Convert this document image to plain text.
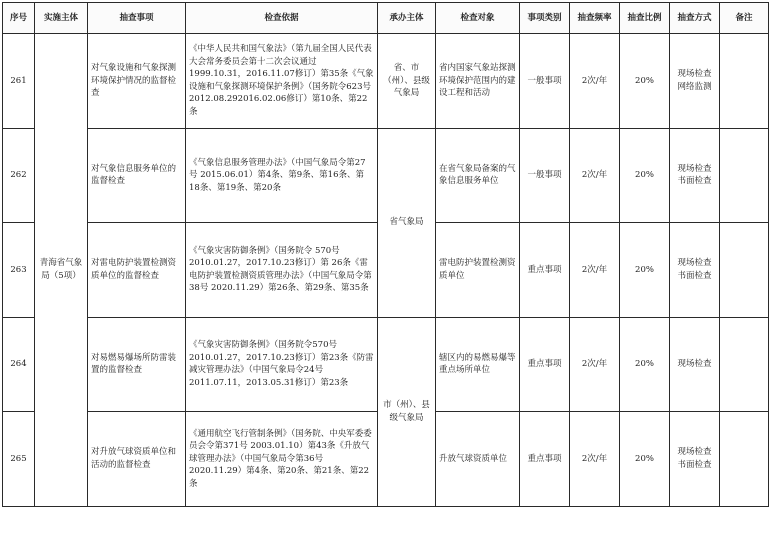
序号	实施主体	抽查事项	检查依据	承办主体	检查对象	事项类别	抽查频率	抽查比例	抽查方式	备注
261	青海省气象局（5项）	对气象设施和气象探测环境保护情况的监督检查	《中华人民共和国气象法》（第九届全国人民代表大会常务委员会第十二次会议通过 1999.10.31，2016.11.07修订）第35条《气象设施和气象探测环境保护条例》（国务院令623号 2012.08.292016.02.06修订）第10条、第22条	省、市（州）、县级气象局	省内国家气象站探测环境保护范围内的建设工程和活动	一般事项	2次/年	20%	现场检查 网络监测	
262		对气象信息服务单位的监督检查	《气象信息服务管理办法》（中国气象局令第27号 2015.06.01）第4条、第9条、第16条、第18条、第19条、第20条	省气象局	在省气象局备案的气象信息服务单位	一般事项	2次/年	20%	现场检查 书面检查	
263		对雷电防护装置检测资质单位的监督检查	《气象灾害防御条例》（国务院令 570号 2010.01.27，2017.10.23修订）第 26条《雷电防护装置检测资质管理办法》（中国气象局令第38号 2020.11.29）第26条、第29条、第35条		雷电防护装置检测资质单位	重点事项	2次/年	20%	现场检查 书面检查	
264		对易燃易爆场所防雷装置的监督检查	《气象灾害防御条例》（国务院令570号 2010.01.27，2017.10.23修订）第23条《防雷减灾管理办法》（中国气象局令24号 2011.07.11，2013.05.31修订）第23条	市（州）、县级气象局	辖区内的易燃易爆等重点场所单位	重点事项	2次/年	20%	现场检查	
265		对升放气球资质单位和活动的监督检查	《通用航空飞行管制条例》（国务院、中央军委委员会令第371号 2003.01.10）第43条《升放气球管理办法》（中国气象局令第36号 2020.11.29）第4条、第20条、第21条、第22条		升放气球资质单位	重点事项	2次/年	20%	现场检查 书面检查	
